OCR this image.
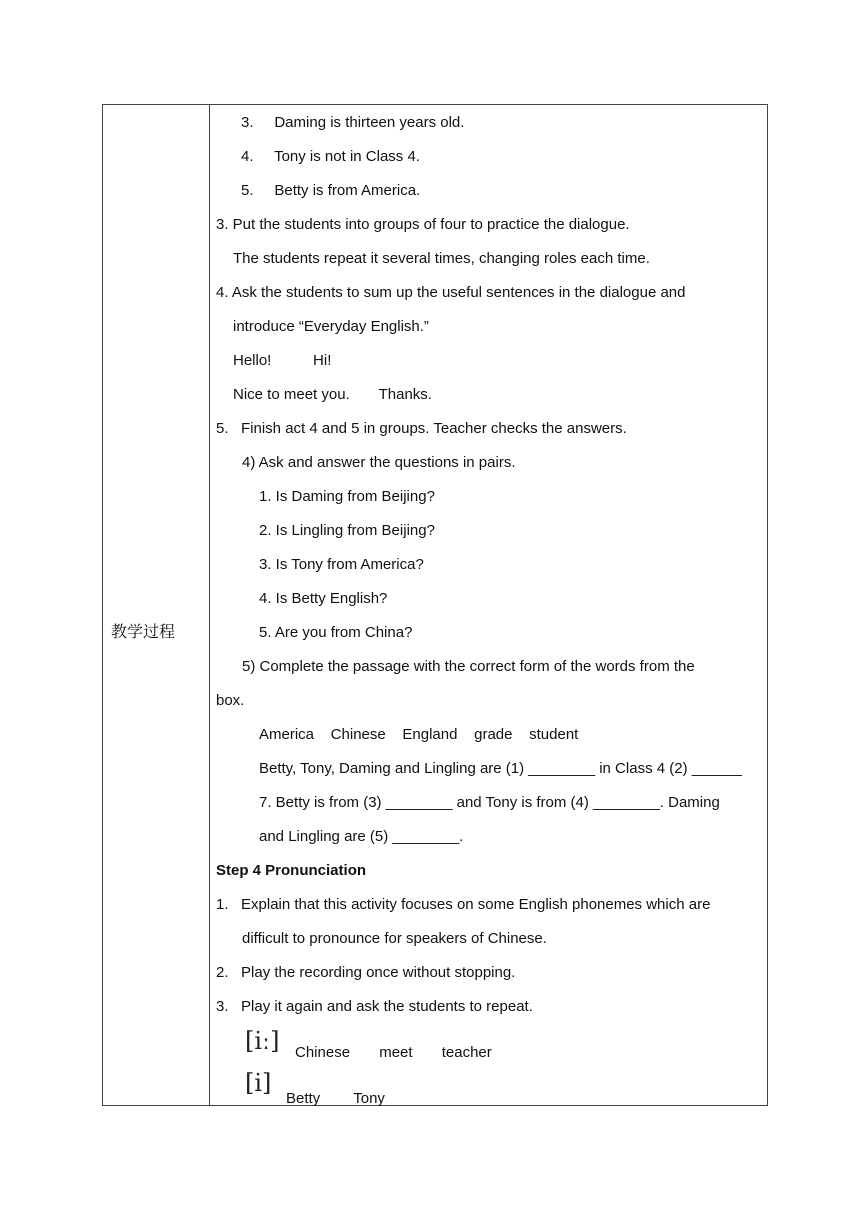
教学过程
3.     Daming is thirteen years old.
4.     Tony is not in Class 4.
5.     Betty is from America.
3. Put the students into groups of four to practice the dialogue.
The students repeat it several times, changing roles each time.
4. Ask the students to sum up the useful sentences in the dialogue and
introduce “Everyday English.”
Hello!          Hi!
Nice to meet you.       Thanks.
5.   Finish act 4 and 5 in groups. Teacher checks the answers.
4) Ask and answer the questions in pairs.
1. Is Daming from Beijing?
2. Is Lingling from Beijing?
3. Is Tony from America?
4. Is Betty English?
5. Are you from China?
5) Complete the passage with the correct form of the words from the
box.
America    Chinese    England    grade    student
Betty, Tony, Daming and Lingling are (1) ________ in Class 4 (2) ______
7. Betty is from (3) ________ and Tony is from (4) ________. Daming
and Lingling are (5) ________.
Step 4 Pronunciation
1.   Explain that this activity focuses on some English phonemes which are
difficult to pronounce for speakers of Chinese.
2.   Play the recording once without stopping.
3.   Play it again and ask the students to repeat.
[iː] Chinese       meet       teacher
[i]
Betty        Tony
